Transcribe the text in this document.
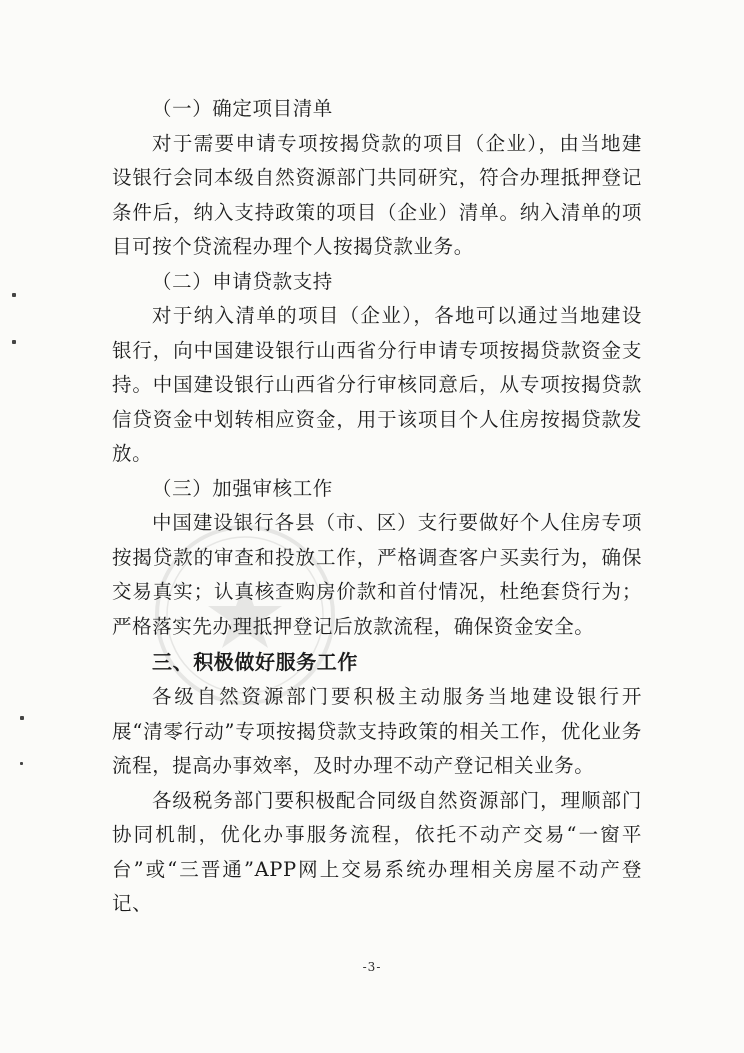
（一）确定项目清单

对于需要申请专项按揭贷款的项目（企业），由当地建设银行会同本级自然资源部门共同研究，符合办理抵押登记条件后，纳入支持政策的项目（企业）清单。纳入清单的项目可按个贷流程办理个人按揭贷款业务。

（二）申请贷款支持

对于纳入清单的项目（企业），各地可以通过当地建设银行，向中国建设银行山西省分行申请专项按揭贷款资金支持。中国建设银行山西省分行审核同意后，从专项按揭贷款信贷资金中划转相应资金，用于该项目个人住房按揭贷款发放。

（三）加强审核工作

中国建设银行各县（市、区）支行要做好个人住房专项按揭贷款的审查和投放工作，严格调查客户买卖行为，确保交易真实；认真核查购房价款和首付情况，杜绝套贷行为；严格落实先办理抵押登记后放款流程，确保资金安全。

三、积极做好服务工作

各级自然资源部门要积极主动服务当地建设银行开展“清零行动”专项按揭贷款支持政策的相关工作，优化业务流程，提高办事效率，及时办理不动产登记相关业务。

各级税务部门要积极配合同级自然资源部门，理顺部门协同机制，优化办事服务流程，依托不动产交易“一窗平台”或“三晋通”APP网上交易系统办理相关房屋不动产登记、

-3-
